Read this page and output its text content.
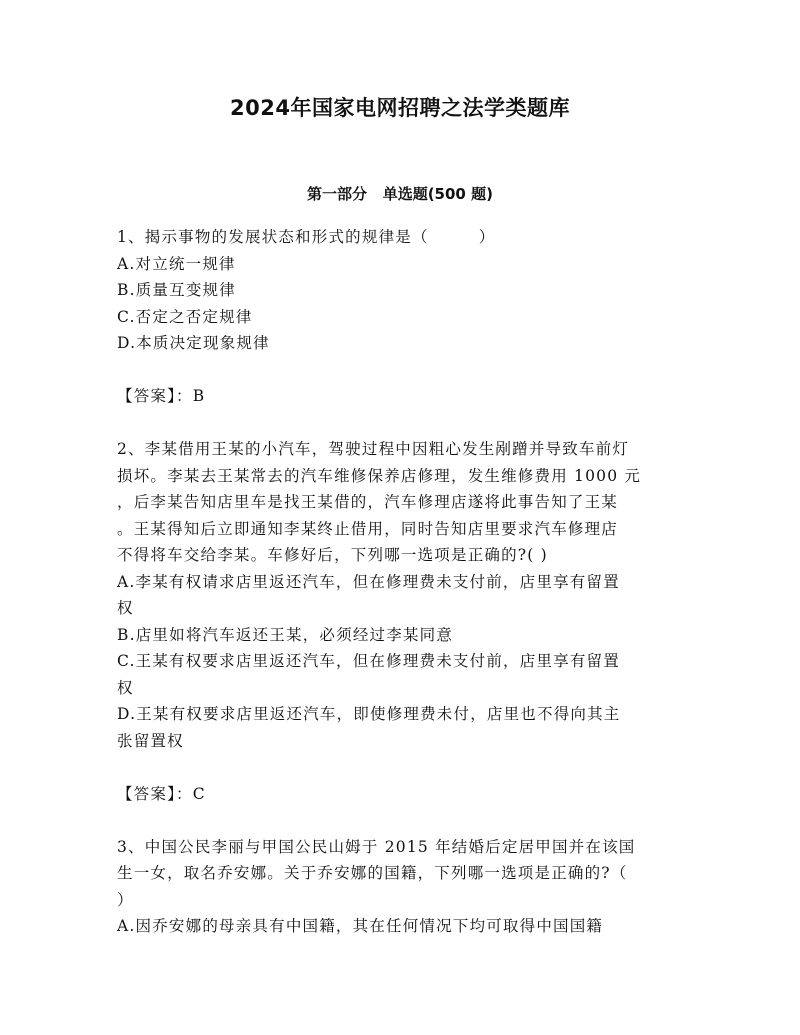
2024年国家电网招聘之法学类题库
第一部分   单选题(500 题)
1、揭示事物的发展状态和形式的规律是（　　　）
A.对立统一规律
B.质量互变规律
C.否定之否定规律
D.本质决定现象规律
【答案】：B
2、李某借用王某的小汽车，驾驶过程中因粗心发生剐蹭并导致车前灯
损坏。李某去王某常去的汽车维修保养店修理，发生维修费用 1000 元
，后李某告知店里车是找王某借的，汽车修理店遂将此事告知了王某
。王某得知后立即通知李某终止借用，同时告知店里要求汽车修理店
不得将车交给李某。车修好后，下列哪一选项是正确的?( )
A.李某有权请求店里返还汽车，但在修理费未支付前，店里享有留置
权
B.店里如将汽车返还王某，必须经过李某同意
C.王某有权要求店里返还汽车，但在修理费未支付前，店里享有留置
权
D.王某有权要求店里返还汽车，即使修理费未付，店里也不得向其主
张留置权
【答案】：C
3、中国公民李丽与甲国公民山姆于 2015 年结婚后定居甲国并在该国
生一女，取名乔安娜。关于乔安娜的国籍，下列哪一选项是正确的?（
）
A.因乔安娜的母亲具有中国籍，其在任何情况下均可取得中国国籍
